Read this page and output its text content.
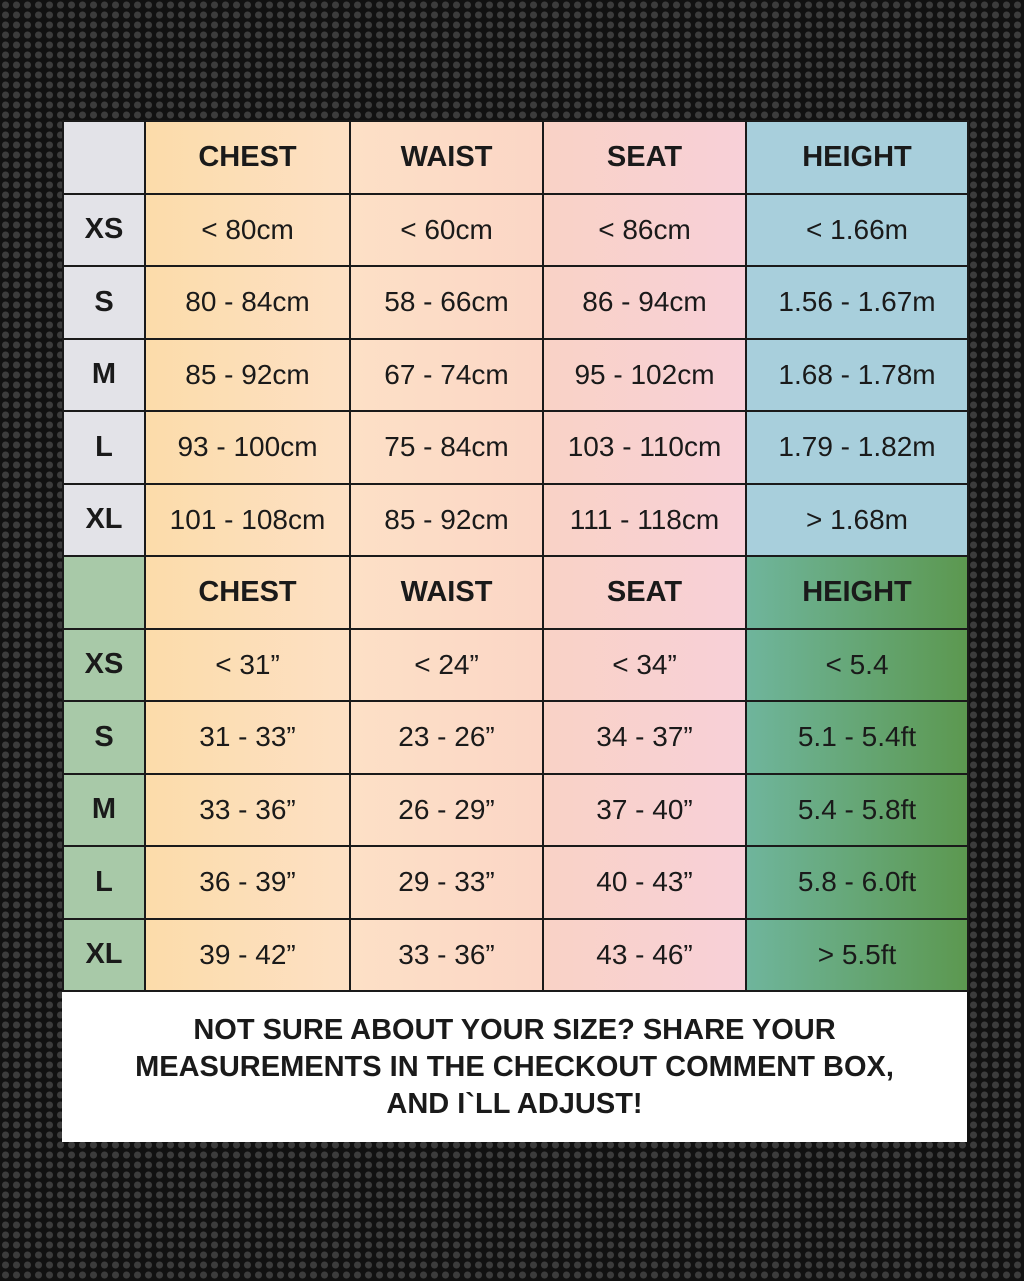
	CHEST	WAIST	SEAT	HEIGHT
XS	< 80cm	< 60cm	< 86cm	< 1.66m
S	80 - 84cm	58 - 66cm	86 - 94cm	1.56 - 1.67m
M	85 - 92cm	67 - 74cm	95 - 102cm	1.68 - 1.78m
L	93 - 100cm	75 - 84cm	103 - 110cm	1.79 - 1.82m
XL	101 - 108cm	85 - 92cm	111 - 118cm	> 1.68m
	CHEST	WAIST	SEAT	HEIGHT
XS	< 31”	< 24”	< 34”	< 5.4
S	31 - 33”	23 - 26”	34 - 37”	5.1 - 5.4ft
M	33 - 36”	26 - 29”	37 - 40”	5.4 - 5.8ft
L	36 - 39”	29 - 33”	40 - 43”	5.8 - 6.0ft
XL	39 - 42”	33 - 36”	43 - 46”	> 5.5ft
NOT SURE ABOUT YOUR SIZE? SHARE YOUR MEASUREMENTS IN THE CHECKOUT COMMENT BOX, AND I`LL ADJUST!
